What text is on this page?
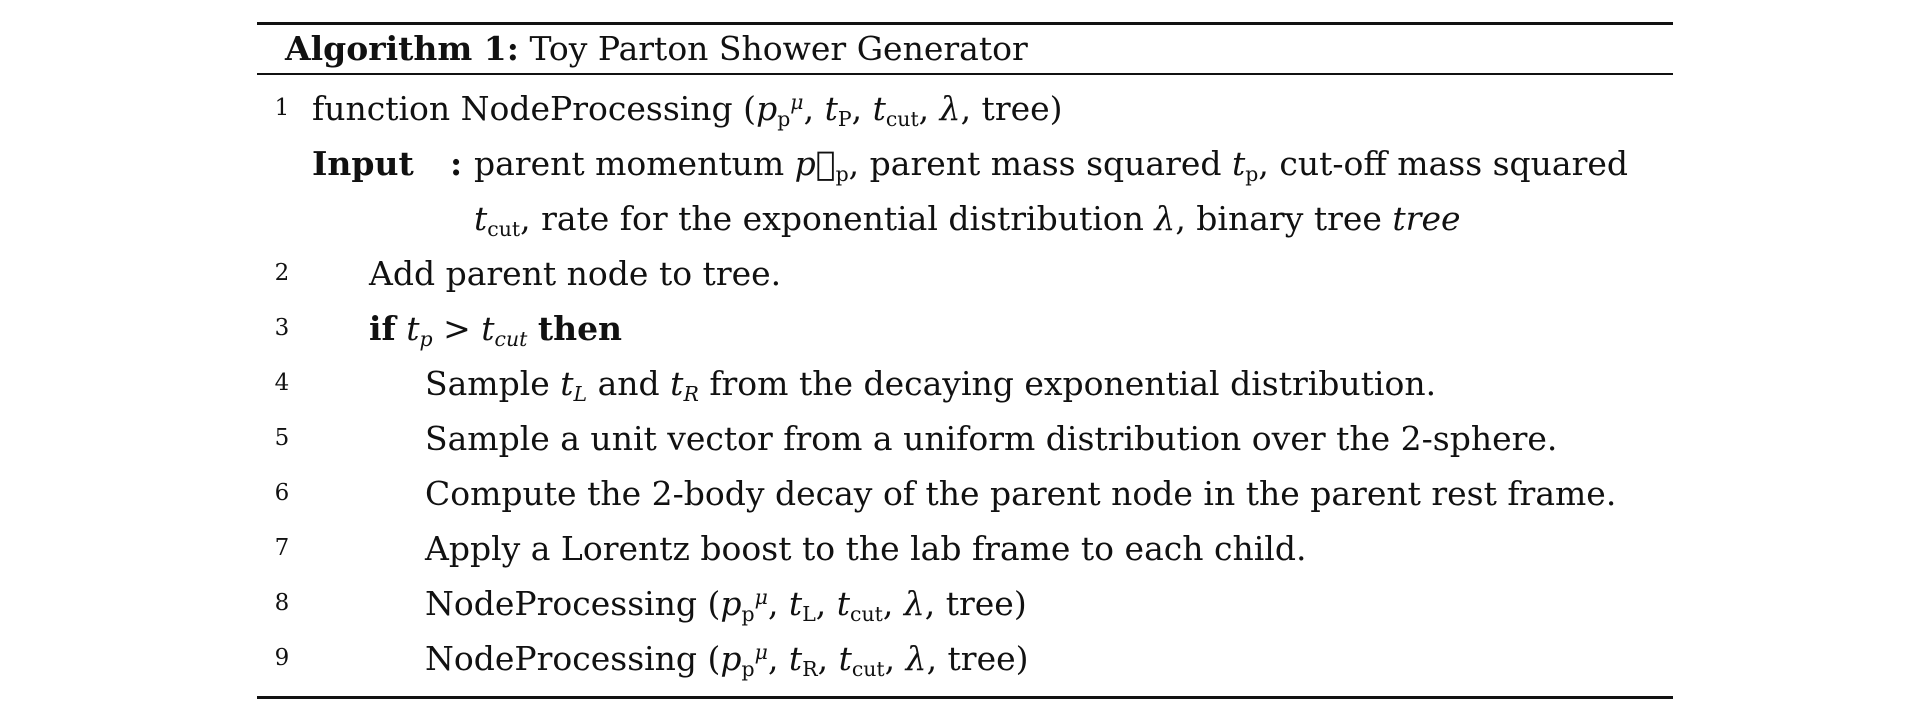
Algorithm 1: Toy Parton Shower Generator
1 function NodeProcessing ($p_p^\mu$, $t_P$, $t_{cut}$, λ, tree)
Input : parent momentum $p⃗_p$, parent mass squared $t_p$, cut-off mass squared
$t_{cut}$, rate for the exponential distribution λ, binary tree tree
2	Add parent node to tree.
3	if $t_p > t_{cut}$ then
4	Sample $t_L$ and $t_R$ from the decaying exponential distribution.
5	Sample a unit vector from a uniform distribution over the 2-sphere.
6	Compute the 2-body decay of the parent node in the parent rest frame.
7	Apply a Lorentz boost to the lab frame to each child.
8	NodeProcessing ($p_p^\mu$, $t_L$, $t_{cut}$, λ, tree)
9	NodeProcessing ($p_p^\mu$, $t_R$, $t_{cut}$, λ, tree)
